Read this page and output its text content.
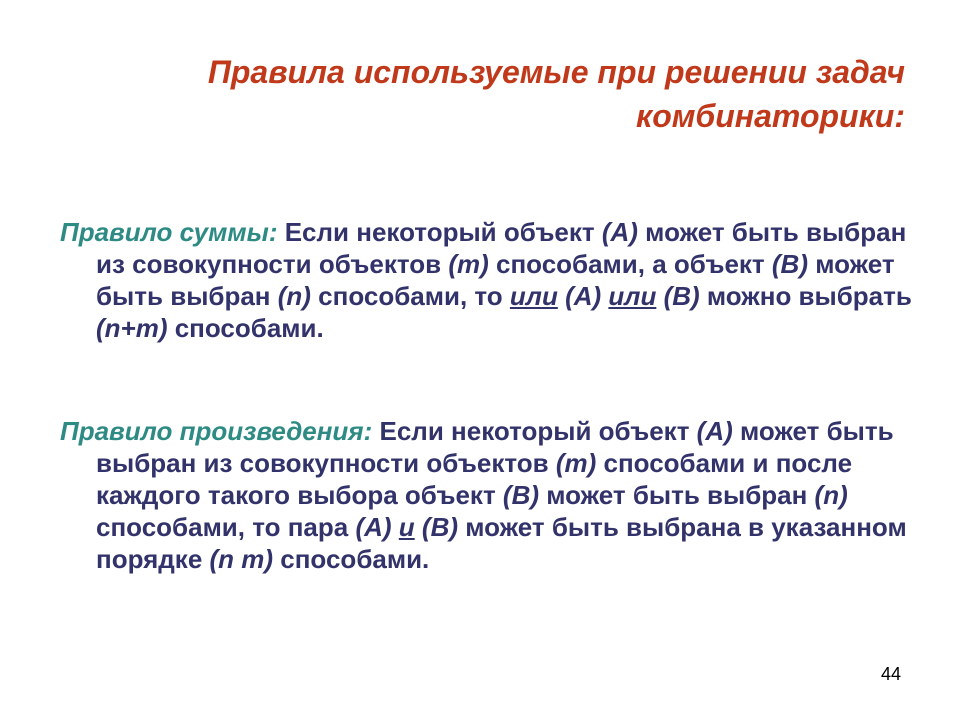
Правила используемые при решении задач
комбинаторики:
Правило суммы: Если некоторый объект (А) может быть выбран из совокупности объектов (m) способами, а объект (В) может быть выбран (n) способами, то или (А) или (В) можно выбрать (n+m) способами.
Правило произведения: Если некоторый объект (А) может быть выбран из совокупности объектов (m) способами и после каждого такого выбора объект (В) может быть выбран (n) способами, то пара (А) и (В) может быть выбрана в указанном порядке (n m) способами.
44
